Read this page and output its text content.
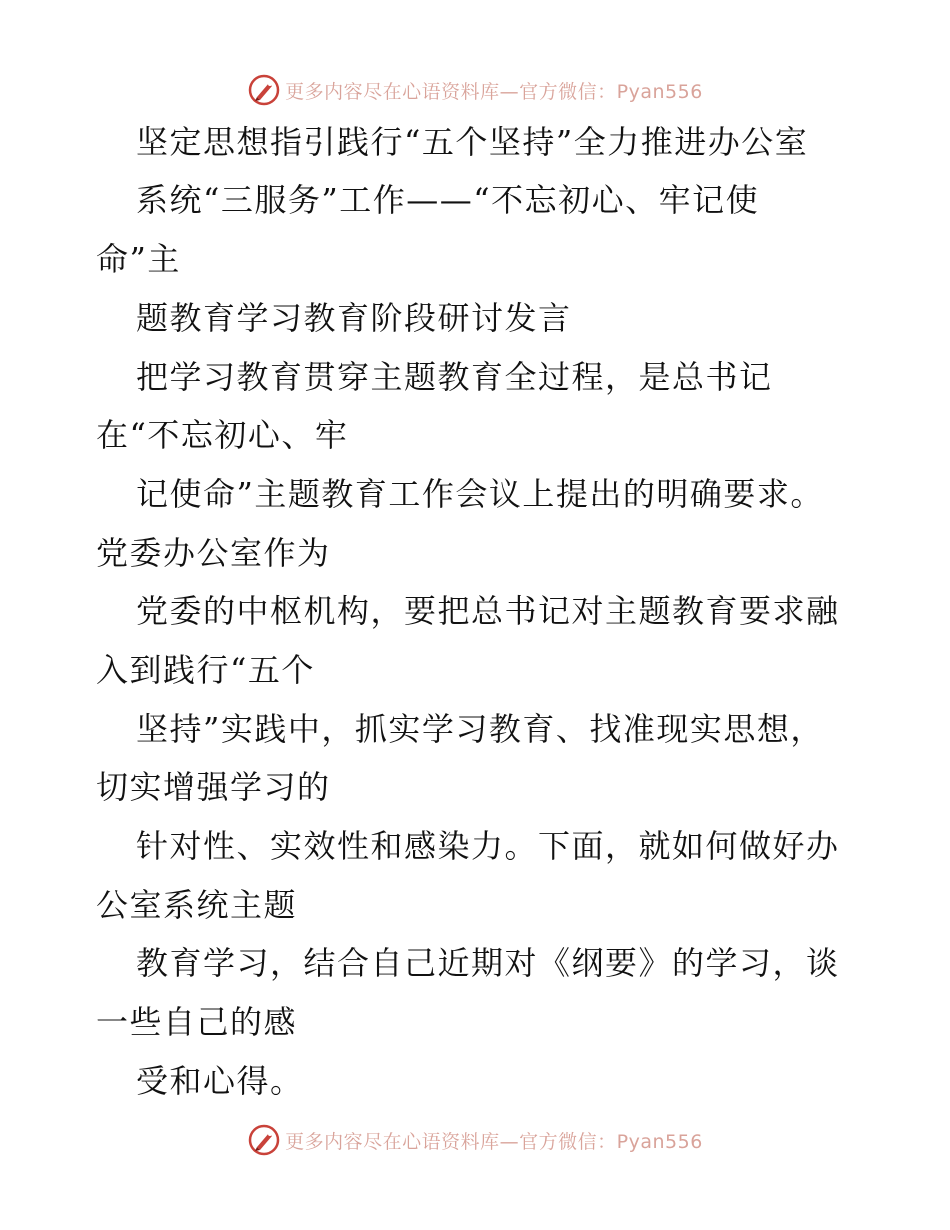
更多内容尽在心语资料库—官方微信：Pyan556
坚定思想指引践行“五个坚持”全力推进办公室
系统“三服务”工作——“不忘初心、牢记使
命”主
题教育学习教育阶段研讨发言
把学习教育贯穿主题教育全过程，是总书记
在“不忘初心、牢
记使命”主题教育工作会议上提出的明确要求。
党委办公室作为
党委的中枢机构，要把总书记对主题教育要求融
入到践行“五个
坚持”实践中，抓实学习教育、找准现实思想，
切实增强学习的
针对性、实效性和感染力。下面，就如何做好办
公室系统主题
教育学习，结合自己近期对《纲要》的学习，谈
一些自己的感
受和心得。
更多内容尽在心语资料库—官方微信：Pyan556
